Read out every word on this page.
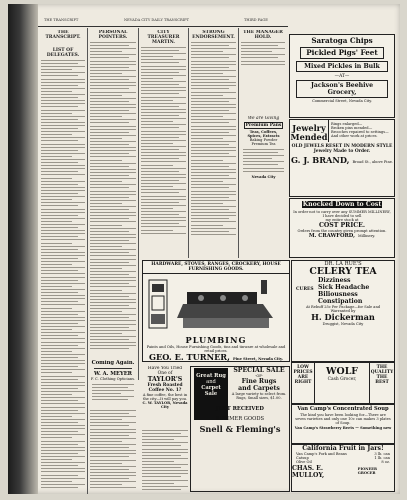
THE TRANSCRIPT	NEVADA CITY DAILY TRANSCRIPT	THIRD PAGE
THE TRANSCRIPT.
LIST OF DELEGATES.
PERSONAL POINTERS.
Coming Again.
W. A. MEYER
F. C. Clothing Opticians.
CITY TREASURER MARTIN.
STRONG ENDORSEMENT.
THE MANAGER HOLD.
We are Giving
Premium Pans
Teas, Coffees,
Spices, Extracts
Baking Powder
Premium Tea
Nevada City
Saratoga Chips
Pickled Pigs' Feet
Mixed Pickles in Bulk
—AT—
Jackson's Beehive Grocery,
Commercial Street, Nevada City.
Jewelry
Mended
Rings enlarged—
Broken pins mended—
Brooches repaired to settings—
And other work at prices.
OLD JEWELS RESET IN MODERN STYLE
Jewelry Made to Order.
G. J. BRAND, Broad St., above Pine.
Knocked Down to Cost
In order not to carry over any SUMMER MILLINERY, I have decided to sell
my entire stock at
COST PRICE.
Orders from the country given prompt attention.
M. CRAWFORD, Millinery.
HARDWARE, STOVES, RANGES, CROCKERY, HOUSE FURNISHING GOODS.
PLUMBING
Paints and Oils, House Furnishing Goods, tins and tinware at wholesale and retail prices.
GEO. E. TURNER, Pine Street, Nevada City.
DR. LA RUE'S
CELERY TEA
CURES
Dizziness
Sick Headache
Biliousness
Constipation
At Rebuff 25c Per Package—for Sale and
Warranted by
H. Dickerman
Druggist, Nevada City
Have You Tried
One of
TAYLOR'S
Fresh Roasted Coffee No. 1?
A fine coffee, the best in the city—It will pay you.
C. W. TAYLOR, Nevada City
Great Rug
and
Carpet
Sale
SPECIAL SALE
-OF-
Fine Rugs
and Carpets
A large variety to select from.
Rugs, Small sizes, $1.00.
JUST RECEIVED
SUMMER GOODS
Snell & Fleming's
LOW
PRICES
ARE
RIGHT
WOLF
Cash Grocer,
THE
QUALITY
THE
BEST
Van Camp's Concentrated Soup
The kind you have been looking for—There are seven varieties and only one 10c can makes 3 plates of Soup.
Van Camp's Strawberry Beets — Something new
California Fruit in Jars!
Van Camp's Pork and Beans	3 lb. can
Catsup	1 lb. can
Olive Oil	8 oz.
CHAS. E. MULLOY,
PIONEER GROCER
